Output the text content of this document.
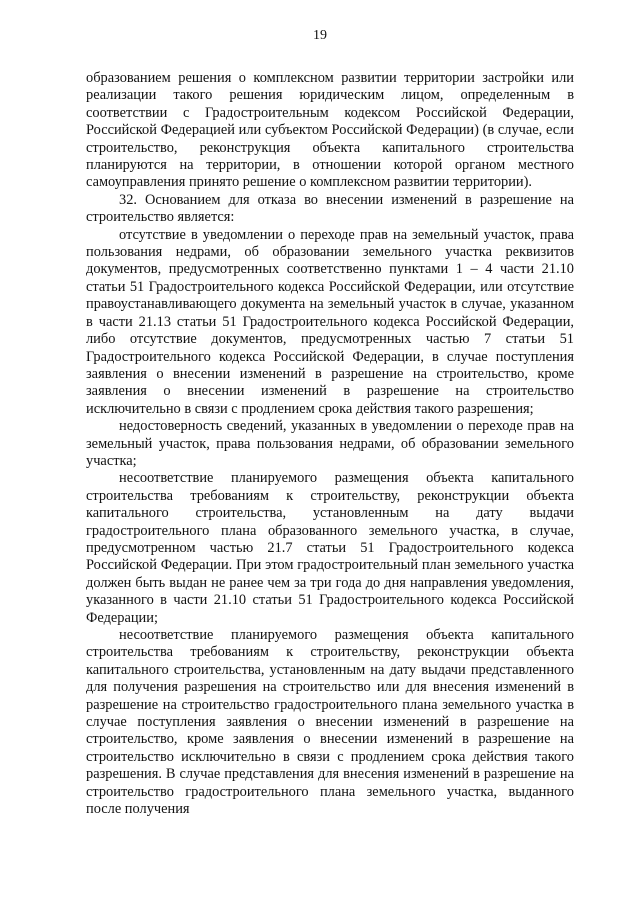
19

образованием решения о комплексном развитии территории застройки или реализации такого решения юридическим лицом, определенным в соответствии с Градостроительным кодексом Российской Федерации, Российской Федерацией или субъектом Российской Федерации) (в случае, если строительство, реконструкция объекта капитального строительства планируются на территории, в отношении которой органом местного самоуправления принято решение о комплексном развитии территории).

32. Основанием для отказа во внесении изменений в разрешение на строительство является:

отсутствие в уведомлении о переходе прав на земельный участок, права пользования недрами, об образовании земельного участка реквизитов документов, предусмотренных соответственно пунктами 1 – 4 части 21.10 статьи 51 Градостроительного кодекса Российской Федерации, или отсутствие правоустанавливающего документа на земельный участок в случае, указанном в части 21.13 статьи 51 Градостроительного кодекса Российской Федерации, либо отсутствие документов, предусмотренных частью 7 статьи 51 Градостроительного кодекса Российской Федерации, в случае поступления заявления о внесении изменений в разрешение на строительство, кроме заявления о внесении изменений в разрешение на строительство исключительно в связи с продлением срока действия такого разрешения;

недостоверность сведений, указанных в уведомлении о переходе прав на земельный участок, права пользования недрами, об образовании земельного участка;

несоответствие планируемого размещения объекта капитального строительства требованиям к строительству, реконструкции объекта капитального строительства, установленным на дату выдачи градостроительного плана образованного земельного участка, в случае, предусмотренном частью 21.7 статьи 51 Градостроительного кодекса Российской Федерации. При этом градостроительный план земельного участка должен быть выдан не ранее чем за три года до дня направления уведомления, указанного в части 21.10 статьи 51 Градостроительного кодекса Российской Федерации;

несоответствие планируемого размещения объекта капитального строительства требованиям к строительству, реконструкции объекта капитального строительства, установленным на дату выдачи представленного для получения разрешения на строительство или для внесения изменений в разрешение на строительство градостроительного плана земельного участка в случае поступления заявления о внесении изменений в разрешение на строительство, кроме заявления о внесении изменений в разрешение на строительство исключительно в связи с продлением срока действия такого разрешения. В случае представления для внесения изменений в разрешение на строительство градостроительного плана земельного участка, выданного после получения
